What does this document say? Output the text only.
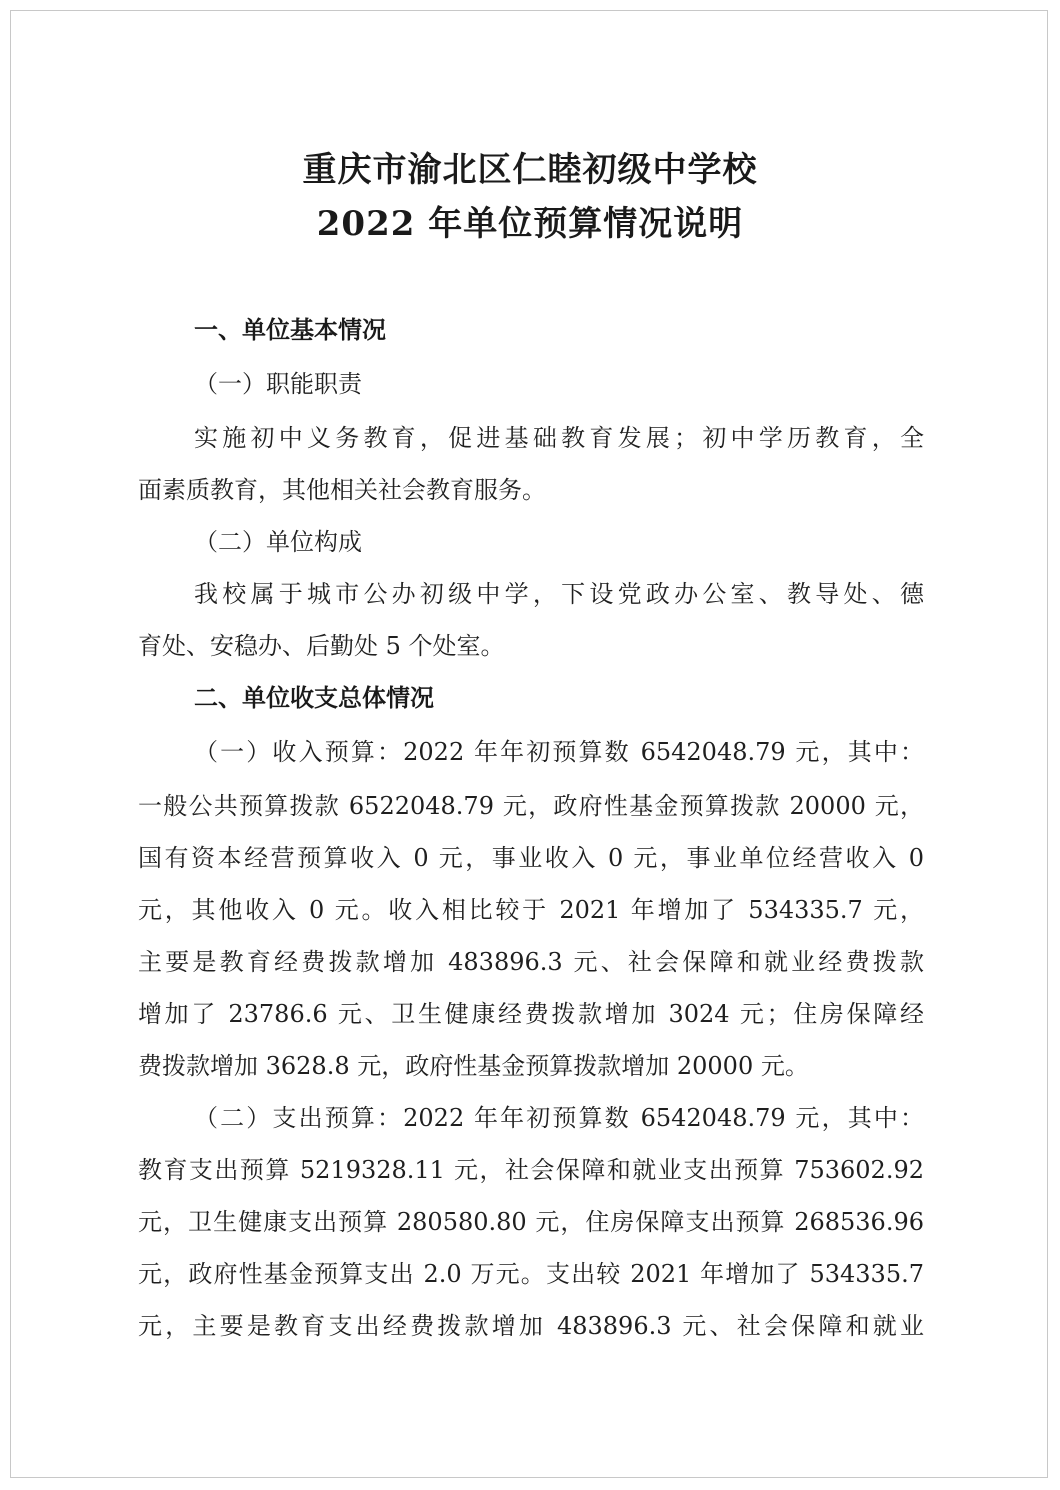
重庆市渝北区仁睦初级中学校
2022 年单位预算情况说明
一、单位基本情况
（一）职能职责
实施初中义务教育，促进基础教育发展；初中学历教育，全
面素质教育，其他相关社会教育服务。
（二）单位构成
我校属于城市公办初级中学，下设党政办公室、教导处、德
育处、安稳办、后勤处 5 个处室。
二、单位收支总体情况
（一）收入预算：2022 年年初预算数 6542048.79 元，其中：
一般公共预算拨款 6522048.79 元，政府性基金预算拨款 20000 元，
国有资本经营预算收入 0 元，事业收入 0 元，事业单位经营收入 0
元，其他收入 0 元。收入相比较于 2021 年增加了 534335.7 元，
主要是教育经费拨款增加 483896.3 元、社会保障和就业经费拨款
增加了 23786.6 元、卫生健康经费拨款增加 3024 元；住房保障经
费拨款增加 3628.8 元，政府性基金预算拨款增加 20000 元。
（二）支出预算：2022 年年初预算数 6542048.79 元，其中：
教育支出预算 5219328.11 元，社会保障和就业支出预算 753602.92
元，卫生健康支出预算 280580.80 元，住房保障支出预算 268536.96
元，政府性基金预算支出 2.0 万元。支出较 2021 年增加了 534335.7
元，主要是教育支出经费拨款增加 483896.3 元、社会保障和就业
